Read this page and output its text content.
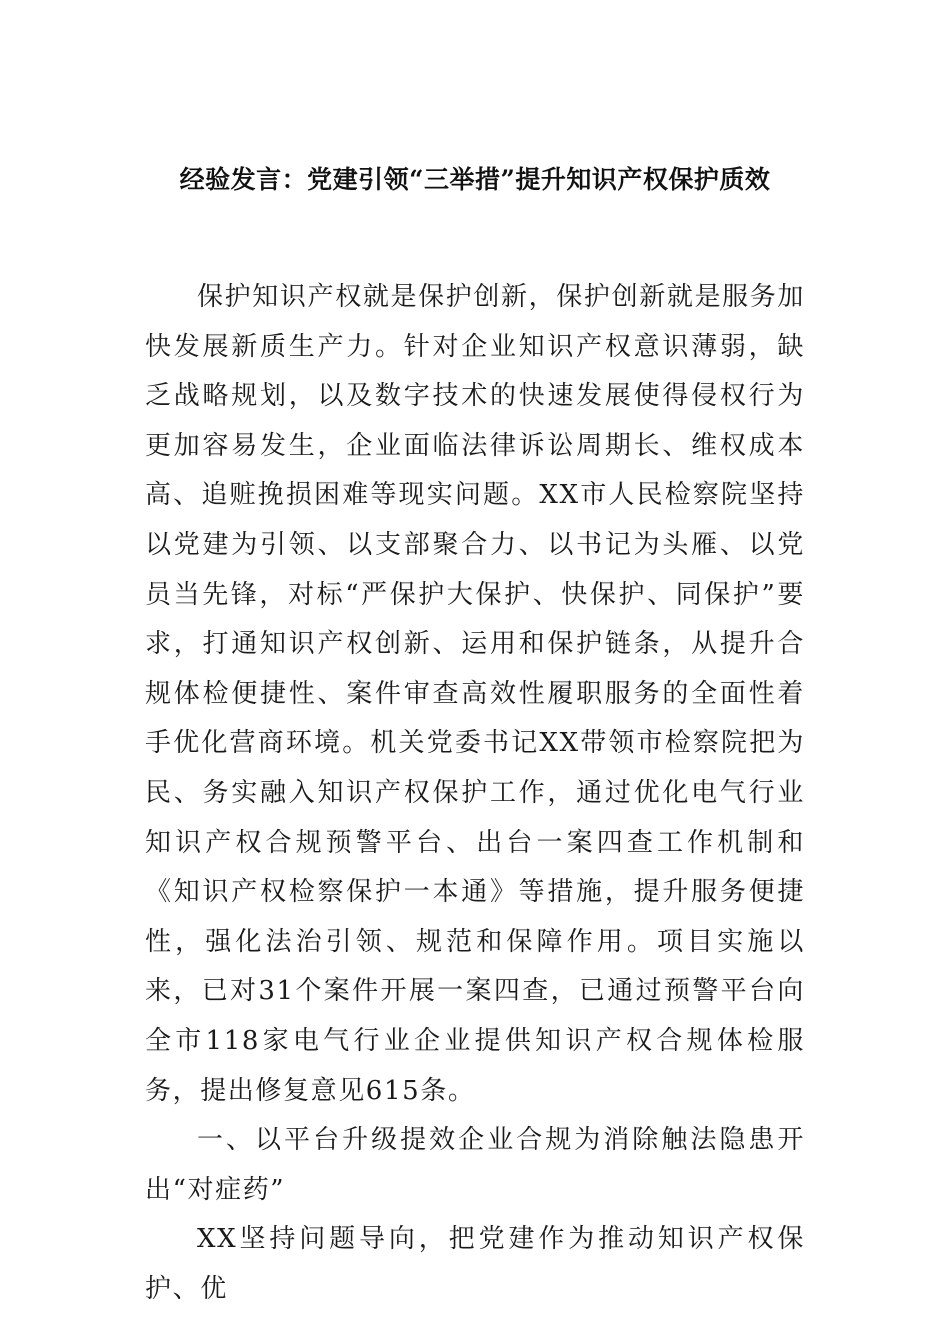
经验发言：党建引领“三举措”提升知识产权保护质效

保护知识产权就是保护创新，保护创新就是服务加快发展新质生产力。针对企业知识产权意识薄弱，缺乏战略规划，以及数字技术的快速发展使得侵权行为更加容易发生，企业面临法律诉讼周期长、维权成本高、追赃挽损困难等现实问题。XX市人民检察院坚持以党建为引领、以支部聚合力、以书记为头雁、以党员当先锋，对标“严保护大保护、快保护、同保护”要求，打通知识产权创新、运用和保护链条，从提升合规体检便捷性、案件审查高效性履职服务的全面性着手优化营商环境。机关党委书记XX带领市检察院把为民、务实融入知识产权保护工作，通过优化电气行业知识产权合规预警平台、出台一案四查工作机制和《知识产权检察保护一本通》等措施，提升服务便捷性，强化法治引领、规范和保障作用。项目实施以来，已对31个案件开展一案四查，已通过预警平台向全市118家电气行业企业提供知识产权合规体检服务，提出修复意见615条。

一、以平台升级提效企业合规为消除触法隐患开出“对症药”

XX坚持问题导向，把党建作为推动知识产权保护、优
